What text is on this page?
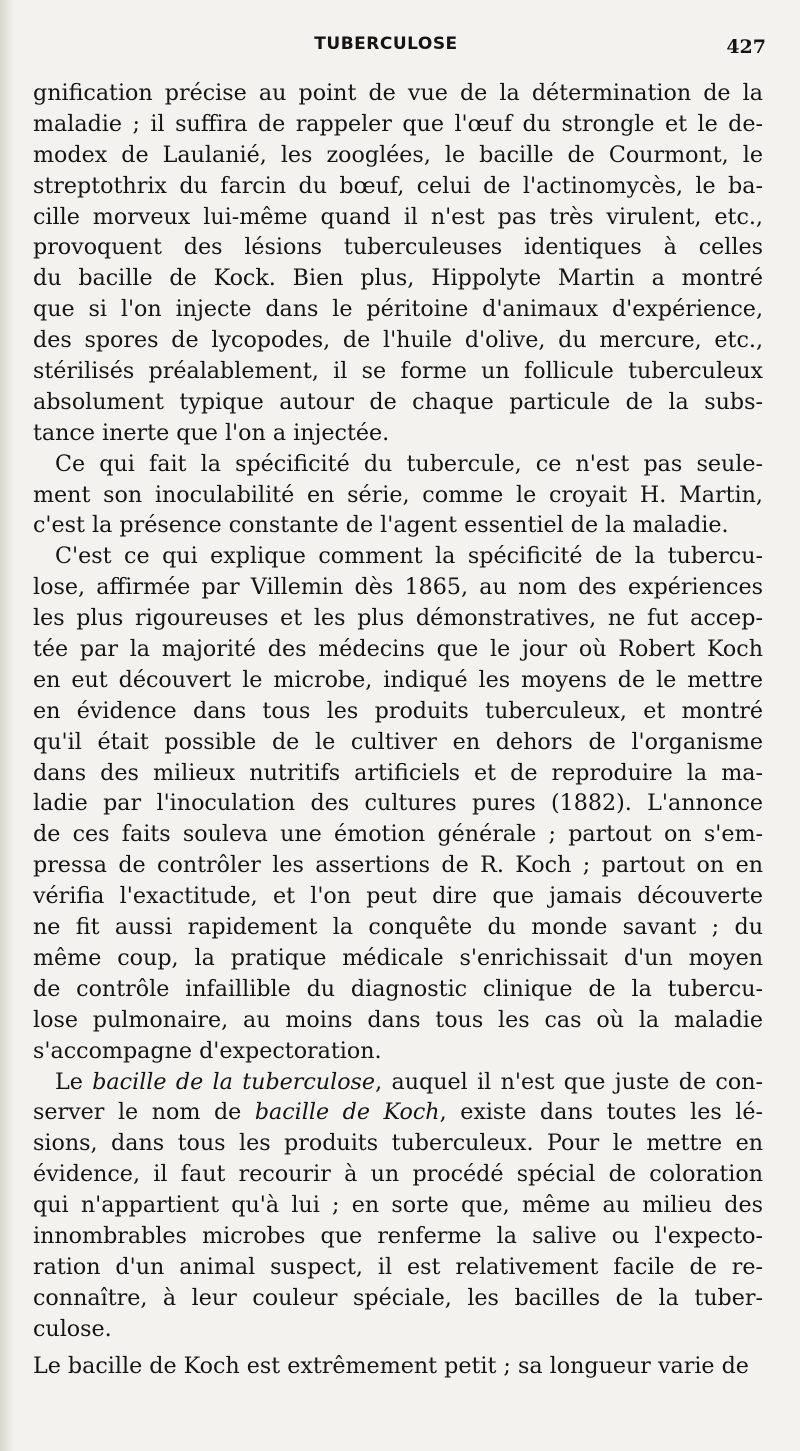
TUBERCULOSE	427
gnification précise au point de vue de la détermination de la
maladie ; il suffira de rappeler que l'œuf du strongle et le de-
modex de Laulanié, les zooglées, le bacille de Courmont, le
streptothrix du farcin du bœuf, celui de l'actinomycès, le ba-
cille morveux lui-même quand il n'est pas très virulent, etc.,
provoquent des lésions tuberculeuses identiques à celles
du bacille de Kock. Bien plus, Hippolyte Martin a montré
que si l'on injecte dans le péritoine d'animaux d'expérience,
des spores de lycopodes, de l'huile d'olive, du mercure, etc.,
stérilisés préalablement, il se forme un follicule tuberculeux
absolument typique autour de chaque particule de la subs-
tance inerte que l'on a injectée.
Ce qui fait la spécificité du tubercule, ce n'est pas seule-
ment son inoculabilité en série, comme le croyait H. Martin,
c'est la présence constante de l'agent essentiel de la maladie.
C'est ce qui explique comment la spécificité de la tubercu-
lose, affirmée par Villemin dès 1865, au nom des expériences
les plus rigoureuses et les plus démonstratives, ne fut accep-
tée par la majorité des médecins que le jour où Robert Koch
en eut découvert le microbe, indiqué les moyens de le mettre
en évidence dans tous les produits tuberculeux, et montré
qu'il était possible de le cultiver en dehors de l'organisme
dans des milieux nutritifs artificiels et de reproduire la ma-
ladie par l'inoculation des cultures pures (1882). L'annonce
de ces faits souleva une émotion générale ; partout on s'em-
pressa de contrôler les assertions de R. Koch ; partout on en
vérifia l'exactitude, et l'on peut dire que jamais découverte
ne fit aussi rapidement la conquête du monde savant ; du
même coup, la pratique médicale s'enrichissait d'un moyen
de contrôle infaillible du diagnostic clinique de la tubercu-
lose pulmonaire, au moins dans tous les cas où la maladie
s'accompagne d'expectoration.
Le bacille de la tuberculose, auquel il n'est que juste de con-
server le nom de bacille de Koch, existe dans toutes les lé-
sions, dans tous les produits tuberculeux. Pour le mettre en
évidence, il faut recourir à un procédé spécial de coloration
qui n'appartient qu'à lui ; en sorte que, même au milieu des
innombrables microbes que renferme la salive ou l'expecto-
ration d'un animal suspect, il est relativement facile de re-
connaître, à leur couleur spéciale, les bacilles de la tuber-
culose.
Le bacille de Koch est extrêmement petit ; sa longueur varie de
